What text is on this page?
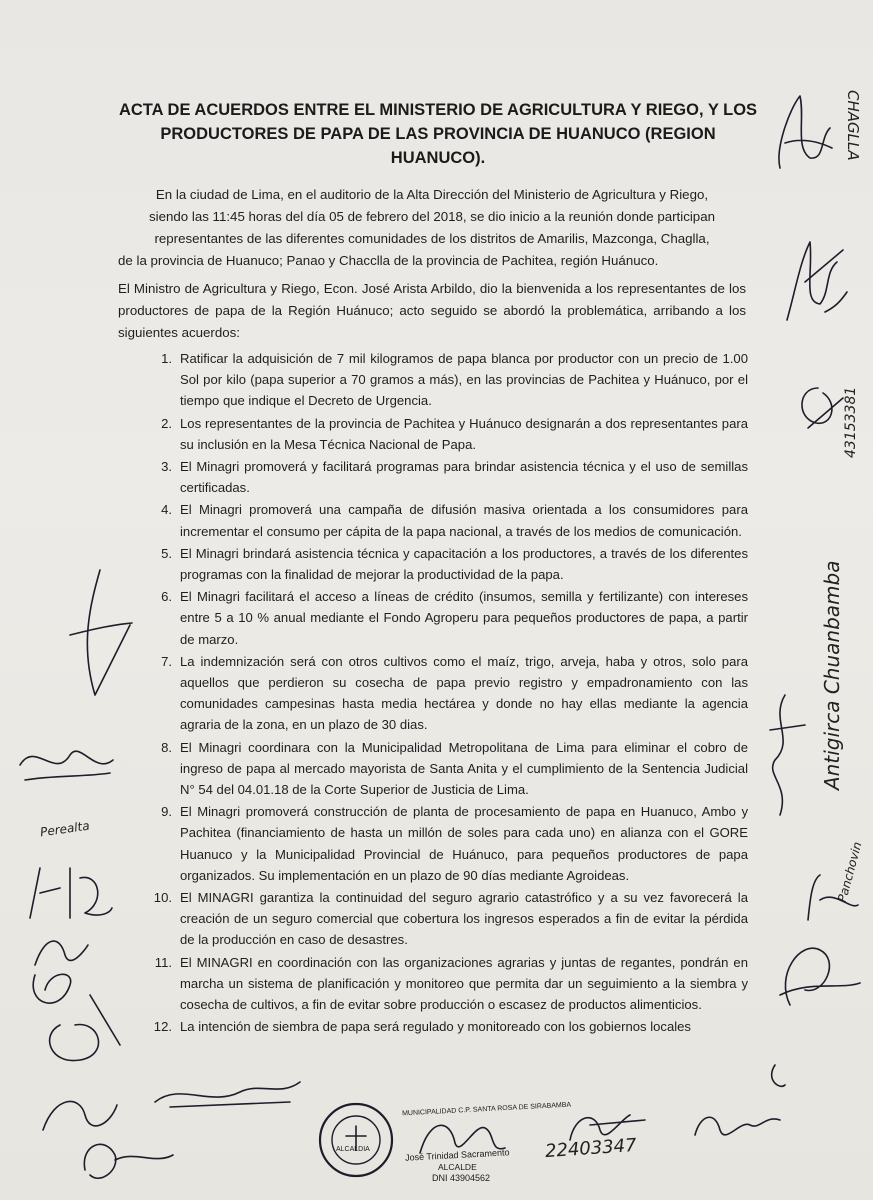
ACTA DE ACUERDOS ENTRE EL MINISTERIO DE AGRICULTURA Y RIEGO, Y LOS PRODUCTORES DE PAPA DE LAS PROVINCIA DE HUANUCO (REGION HUANUCO).
En la ciudad de Lima, en el auditorio de la Alta Dirección del Ministerio de Agricultura y Riego,
siendo las 11:45 horas del día 05 de febrero del 2018, se dio inicio a la reunión donde participan
representantes de las diferentes comunidades de los distritos de Amarilis, Mazconga, Chaglla,
de la provincia de Huanuco; Panao y Chacclla de la provincia de Pachitea, región Huánuco.
El Ministro de Agricultura y Riego, Econ. José Arista Arbildo, dio la bienvenida a los representantes de los productores de papa de la Región Huánuco; acto seguido se abordó la problemática, arribando a los siguientes acuerdos:
1. Ratificar la adquisición de 7 mil kilogramos de papa blanca por productor con un precio de 1.00 Sol por kilo (papa superior a 70 gramos a más), en las provincias de Pachitea y Huánuco, por el tiempo que indique el Decreto de Urgencia.
2. Los representantes de la provincia de Pachitea y Huánuco designarán a dos representantes para su inclusión en la Mesa Técnica Nacional de Papa.
3. El Minagri promoverá y facilitará programas para brindar asistencia técnica y el uso de semillas certificadas.
4. El Minagri promoverá una campaña de difusión masiva orientada a los consumidores para incrementar el consumo per cápita de la papa nacional, a través de los medios de comunicación.
5. El Minagri brindará asistencia técnica y capacitación a los productores, a través de los diferentes programas con la finalidad de mejorar la productividad de la papa.
6. El Minagri facilitará el acceso a líneas de crédito (insumos, semilla y fertilizante) con intereses entre 5 a 10 % anual mediante el Fondo Agroperu para pequeños productores de papa, a partir de marzo.
7. La indemnización será con otros cultivos como el maíz, trigo, arveja, haba y otros, solo para aquellos que perdieron su cosecha de papa previo registro y empadronamiento con las comunidades campesinas hasta media hectárea y donde no hay ellas mediante la agencia agraria de la zona, en un plazo de 30 dias.
8. El Minagri coordinara con la Municipalidad Metropolitana de Lima para eliminar el cobro de ingreso de papa al mercado mayorista de Santa Anita y el cumplimiento de la Sentencia Judicial N° 54 del 04.01.18 de la Corte Superior de Justicia de Lima.
9. El Minagri promoverá construcción de planta de procesamiento de papa en Huanuco, Ambo y Pachitea (financiamiento de hasta un millón de soles para cada uno) en alianza con el GORE Huanuco y la Municipalidad Provincial de Huánuco, para pequeños productores de papa organizados. Su implementación en un plazo de 90 días mediante Agroideas.
10. El MINAGRI garantiza la continuidad del seguro agrario catastrófico y a su vez favorecerá la creación de un seguro comercial que cobertura los ingresos esperados a fin de evitar la pérdida de la producción en caso de desastres.
11. El MINAGRI en coordinación con las organizaciones agrarias y juntas de regantes, pondrán en marcha un sistema de planificación y monitoreo que permita dar un seguimiento a la siembra y cosecha de cultivos, a fin de evitar sobre producción o escasez de productos alimenticios.
12. La intención de siembra de papa será regulado y monitoreado con los gobiernos locales
CHAGLLA
43153381
Antigirca Chuanbamba
Panchovin
Perealta
ALCALDIA
MUNICIPALIDAD C.P. SANTA ROSA DE SIRABAMBA
José Trinidad Sacramento
ALCALDE
DNI 43904562
22403347
